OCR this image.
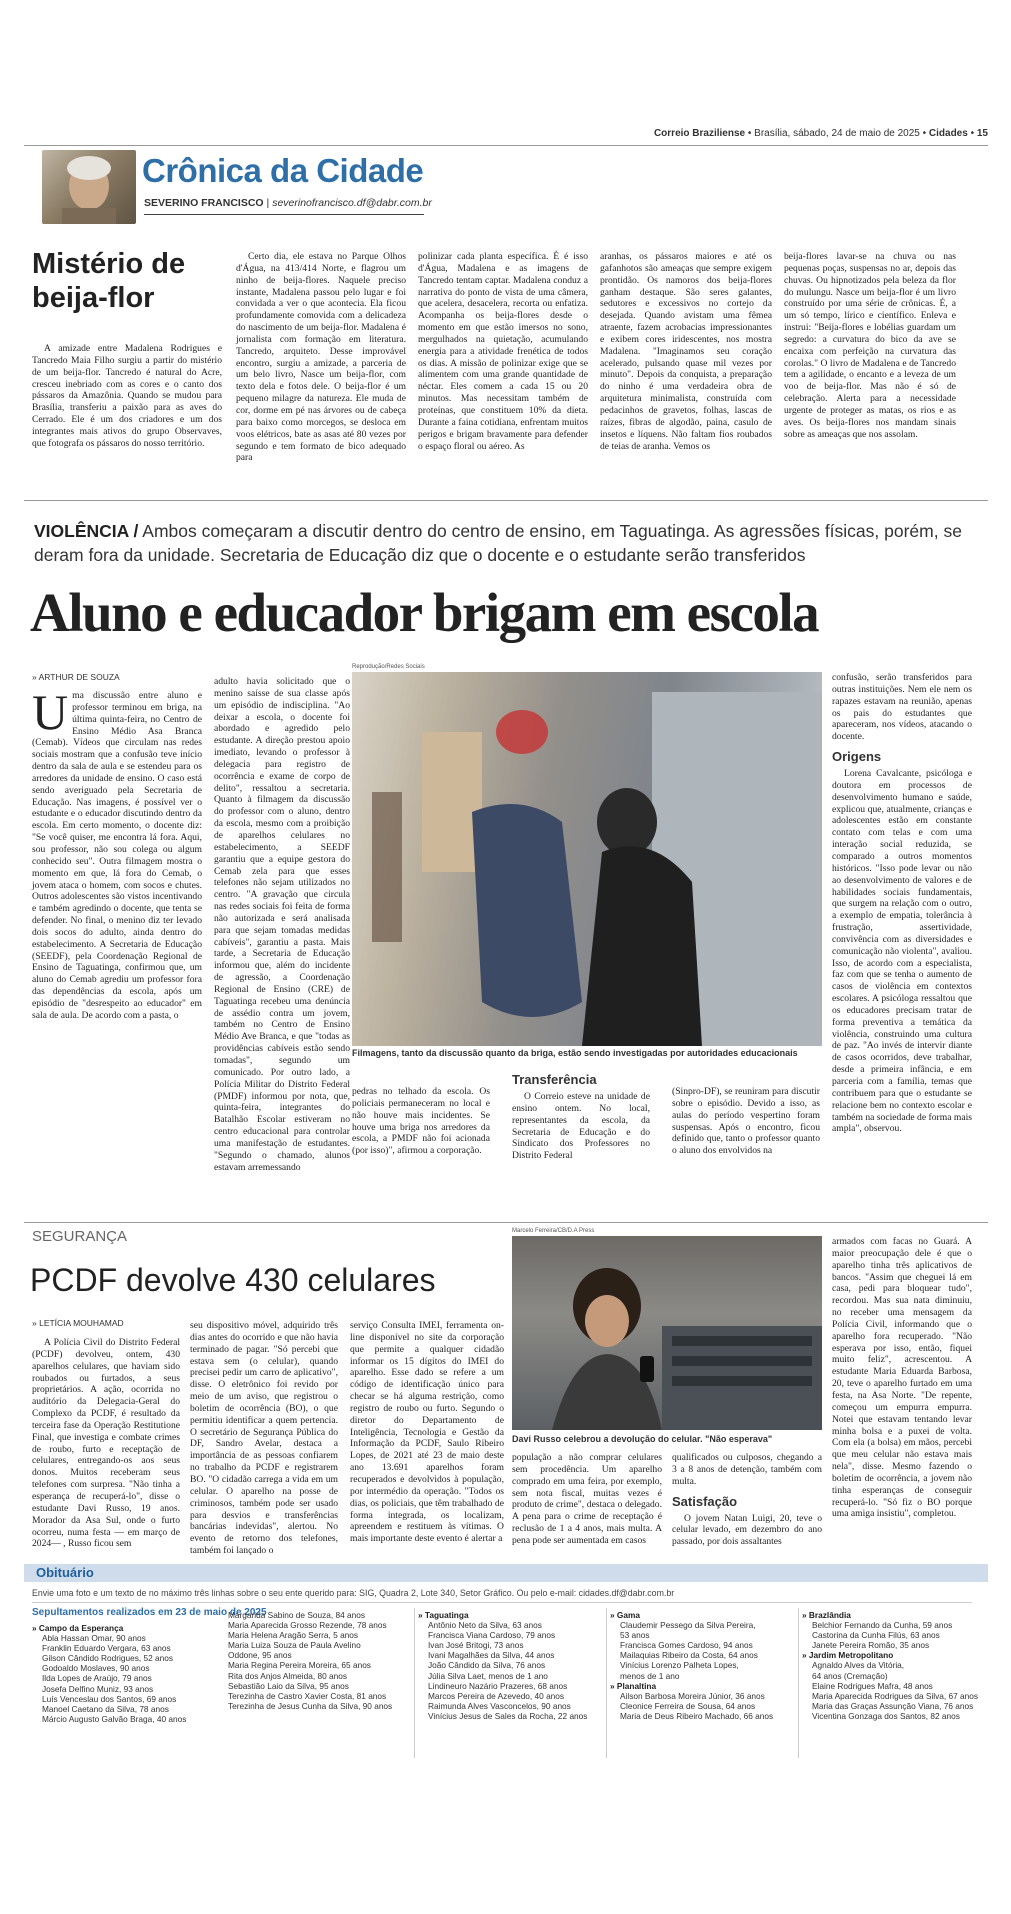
Correio Braziliense • Brasília, sábado, 24 de maio de 2025 • Cidades • 15
Crônica da Cidade
SEVERINO FRANCISCO | severinofrancisco.df@dabr.com.br
Mistério de beija-flor

A amizade entre Madalena Rodrigues e Tancredo Maia Filho surgiu a partir do mistério de um beija-flor. Tancredo é natural do Acre, cresceu inebriado com as cores e o canto dos pássaros da Amazônia. Quando se mudou para Brasília, transferiu a paixão para as aves do Cerrado. Ele é um dos criadores e um dos integrantes mais ativos do grupo Observaves, que fotografa os pássaros do nosso território.

Certo dia, ele estava no Parque Olhos d'Água, na 413/414 Norte, e flagrou um ninho de beija-flores. Naquele preciso instante, Madalena passou pelo lugar e foi convidada a ver o que acontecia. Ela ficou profundamente comovida com a delicadeza do nascimento de um beija-flor. Madalena é jornalista com formação em literatura. Tancredo, arquiteto. Desse improvável encontro, surgiu a amizade, a parceria de um belo livro, Nasce um beija-flor, com texto dela e fotos dele. O beija-flor é um pequeno milagre da natureza. Ele muda de cor, dorme em pé nas árvores ou de cabeça para baixo como morcegos, se desloca em voos elétricos, bate as asas até 80 vezes por segundo e tem formato de bico adequado para

polinizar cada planta específica. É é isso d'Água, Madalena e as imagens de Tancredo tentam captar. Madalena conduz a narrativa do ponto de vista de uma câmera, que acelera, desacelera, recorta ou enfatiza. Acompanha os beija-flores desde o momento em que estão imersos no sono, mergulhados na quietação, acumulando energia para a atividade frenética de todos os dias. A missão de polinizar exige que se alimentem com uma grande quantidade de néctar. Eles comem a cada 15 ou 20 minutos. Mas necessitam também de proteínas, que constituem 10% da dieta. Durante a faina cotidiana, enfrentam muitos perigos e brigam bravamente para defender o espaço floral ou aéreo. As

aranhas, os pássaros maiores e até os gafanhotos são ameaças que sempre exigem prontidão. Os namoros dos beija-flores ganham destaque. São seres galantes, sedutores e excessivos no cortejo da desejada. Quando avistam uma fêmea atraente, fazem acrobacias impressionantes e exibem cores iridescentes, nos mostra Madalena. "Imaginamos seu coração acelerado, pulsando quase mil vezes por minuto". Depois da conquista, a preparação do ninho é uma verdadeira obra de arquitetura minimalista, construída com pedacinhos de gravetos, folhas, lascas de raízes, fibras de algodão, paina, casulo de insetos e líquens. Não faltam fios roubados de teias de aranha. Vemos os

beija-flores lavar-se na chuva ou nas pequenas poças, suspensas no ar, depois das chuvas. Ou hipnotizados pela beleza da flor do mulungu. Nasce um beija-flor é um livro construído por uma série de crônicas. É, a um só tempo, lírico e científico. Enleva e instrui: "Beija-flores e lobélias guardam um segredo: a curvatura do bico da ave se encaixa com perfeição na curvatura das corolas." O livro de Madalena e de Tancredo tem a agilidade, o encanto e a leveza de um voo de beija-flor. Mas não é só de celebração. Alerta para a necessidade urgente de proteger as matas, os rios e as aves. Os beija-flores nos mandam sinais sobre as ameaças que nos assolam.

VIOLÊNCIA / Ambos começaram a discutir dentro do centro de ensino, em Taguatinga. As agressões físicas, porém, se deram fora da unidade. Secretaria de Educação diz que o docente e o estudante serão transferidos
Aluno e educador brigam em escola
» ARTHUR DE SOUZA
U ma discussão entre aluno e professor terminou em briga, na última quinta-feira, no Centro de Ensino Médio Asa Branca (Cemab). Vídeos que circulam nas redes sociais mostram que a confusão teve início dentro da sala de aula e se estendeu para os arredores da unidade de ensino. O caso está sendo averiguado pela Secretaria de Educação. Nas imagens, é possível ver o estudante e o educador discutindo dentro da escola. Em certo momento, o docente diz: "Se você quiser, me encontra lá fora. Aqui, sou professor, não sou colega ou algum conhecido seu". Outra filmagem mostra o momento em que, lá fora do Cemab, o jovem ataca o homem, com socos e chutes. Outros adolescentes são vistos incentivando e também agredindo o docente, que tenta se defender. No final, o menino diz ter levado dois socos do adulto, ainda dentro do estabelecimento. A Secretaria de Educação (SEEDF), pela Coordenação Regional de Ensino de Taguatinga, confirmou que, um aluno do Cemab agrediu um professor fora das dependências da escola, após um episódio de "desrespeito ao educador" em sala de aula. De acordo com a pasta, o

adulto havia solicitado que o menino saísse de sua classe após um episódio de indisciplina. "Ao deixar a escola, o docente foi abordado e agredido pelo estudante. A direção prestou apoio imediato, levando o professor à delegacia para registro de ocorrência e exame de corpo de delito", ressaltou a secretaria. Quanto à filmagem da discussão do professor com o aluno, dentro da escola, mesmo com a proibição de aparelhos celulares no estabelecimento, a SEEDF garantiu que a equipe gestora do Cemab zela para que esses telefones não sejam utilizados no centro. "A gravação que circula nas redes sociais foi feita de forma não autorizada e será analisada para que sejam tomadas medidas cabíveis", garantiu a pasta. Mais tarde, a Secretaria de Educação informou que, além do incidente de agressão, a Coordenação Regional de Ensino (CRE) de Taguatinga recebeu uma denúncia de assédio contra um jovem, também no Centro de Ensino Médio Ave Branca, e que "todas as providências cabíveis estão sendo tomadas", segundo um comunicado. Por outro lado, a Polícia Militar do Distrito Federal (PMDF) informou por nota, que, quinta-feira, integrantes do Batalhão Escolar estiveram no centro educacional para controlar uma manifestação de estudantes. "Segundo o chamado, alunos estavam arremessando

Reprodução/Redes Sociais
Filmagens, tanto da discussão quanto da briga, estão sendo investigadas por autoridades educacionais

pedras no telhado da escola. Os policiais permaneceram no local e não houve mais incidentes. Se houve uma briga nos arredores da escola, a PMDF não foi acionada (por isso)", afirmou a corporação.

Transferência

O Correio esteve na unidade de ensino ontem. No local, representantes da escola, da Secretaria de Educação e do Sindicato dos Professores no Distrito Federal

(Sinpro-DF), se reuniram para discutir sobre o episódio. Devido a isso, as aulas do período vespertino foram suspensas. Após o encontro, ficou definido que, tanto o professor quanto o aluno dos envolvidos na

confusão, serão transferidos para outras instituições. Nem ele nem os rapazes estavam na reunião, apenas os pais do estudantes que apareceram, nos vídeos, atacando o docente.

Origens

Lorena Cavalcante, psicóloga e doutora em processos de desenvolvimento humano e saúde, explicou que, atualmente, crianças e adolescentes estão em constante contato com telas e com uma interação social reduzida, se comparado a outros momentos históricos. "Isso pode levar ou não ao desenvolvimento de valores e de habilidades sociais fundamentais, que surgem na relação com o outro, a exemplo de empatia, tolerância à frustração, assertividade, convivência com as diversidades e comunicação não violenta", avaliou. Isso, de acordo com a especialista, faz com que se tenha o aumento de casos de violência em contextos escolares. A psicóloga ressaltou que os educadores precisam tratar de forma preventiva a temática da violência, construindo uma cultura de paz. "Ao invés de intervir diante de casos ocorridos, deve trabalhar, desde a primeira infância, e em parceria com a família, temas que contribuem para que o estudante se relacione bem no contexto escolar e também na sociedade de forma mais ampla", observou.

SEGURANÇA
PCDF devolve 430 celulares
» LETÍCIA MOUHAMAD

A Polícia Civil do Distrito Federal (PCDF) devolveu, ontem, 430 aparelhos celulares, que haviam sido roubados ou furtados, a seus proprietários. A ação, ocorrida no auditório da Delegacia-Geral do Complexo da PCDF, é resultado da terceira fase da Operação Restitutione Final, que investiga e combate crimes de roubo, furto e receptação de celulares, entregando-os aos seus donos. Muitos receberam seus telefones com surpresa. "Não tinha a esperança de recuperá-lo", disse o estudante Davi Russo, 19 anos. Morador da Asa Sul, onde o furto ocorreu, numa festa — em março de 2024— , Russo ficou sem

seu dispositivo móvel, adquirido três dias antes do ocorrido e que não havia terminado de pagar. "Só percebi que estava sem (o celular), quando precisei pedir um carro de aplicativo", disse. O eletrônico foi revido por meio de um aviso, que registrou o boletim de ocorrência (BO), o que permitiu identificar a quem pertencia. O secretário de Segurança Pública do DF, Sandro Avelar, destaca a importância de as pessoas confiarem no trabalho da PCDF e registrarem BO. "O cidadão carrega a vida em um celular. O aparelho na posse de criminosos, também pode ser usado para desvios e transferências bancárias indevidas", alertou. No evento de retorno dos telefones, também foi lançado o

serviço Consulta IMEI, ferramenta on-line disponível no site da corporação que permite a qualquer cidadão informar os 15 dígitos do IMEI do aparelho. Esse dado se refere a um código de identificação único para checar se há alguma restrição, como registro de roubo ou furto. Segundo o diretor do Departamento de Inteligência, Tecnologia e Gestão da Informação da PCDF, Saulo Ribeiro Lopes, de 2021 até 23 de maio deste ano 13.691 aparelhos foram recuperados e devolvidos à população, por intermédio da operação. "Todos os dias, os policiais, que têm trabalhado de forma integrada, os localizam, apreendem e restituem às vítimas. O mais importante deste evento é alertar a

Marcelo Ferreira/CB/D.A Press
Davi Russo celebrou a devolução do celular. "Não esperava"

população a não comprar celulares sem procedência. Um aparelho comprado em uma feira, por exemplo, sem nota fiscal, muitas vezes é produto de crime", destaca o delegado. A pena para o crime de receptação é reclusão de 1 a 4 anos, mais multa. A pena pode ser aumentada em casos

qualificados ou culposos, chegando a 3 a 8 anos de detenção, também com multa.

Satisfação

O jovem Natan Luigi, 20, teve o celular levado, em dezembro do ano passado, por dois assaltantes

armados com facas no Guará. A maior preocupação dele é que o aparelho tinha três aplicativos de bancos. "Assim que cheguei lá em casa, pedi para bloquear tudo", recordou. Mas sua nata diminuiu, no receber uma mensagem da Polícia Civil, informando que o aparelho fora recuperado. "Não esperava por isso, então, fiquei muito feliz", acrescentou. A estudante Maria Eduarda Barbosa, 20, teve o aparelho furtado em uma festa, na Asa Norte. "De repente, começou um empurra empurra. Notei que estavam tentando levar minha bolsa e a puxei de volta. Com ela (a bolsa) em mãos, percebi que meu celular não estava mais nela", disse. Mesmo fazendo o boletim de ocorrência, a jovem não tinha esperanças de conseguir recuperá-lo. "Só fiz o BO porque uma amiga insistiu", completou.

Obituário
Envie uma foto e um texto de no máximo três linhas sobre o seu ente querido para: SIG, Quadra 2, Lote 340, Setor Gráfico. Ou pelo e-mail: cidades.df@dabr.com.br
Sepultamentos realizados em 23 de maio de 2025
» Campo da Esperança
Abla Hassan Omar, 90 anos
Franklin Eduardo Vergara, 63 anos
Gilson Cândido Rodrigues, 52 anos
Godoaldo Moslaves, 90 anos
Ilda Lopes de Araújo, 79 anos
Josefa Delfino Muniz, 93 anos
Luís Venceslau dos Santos, 69 anos
Manoel Caetano da Silva, 78 anos
Márcio Augusto Galvão Braga, 40 anos
Margarida Sabino de Souza, 84 anos
Maria Aparecida Grosso Rezende, 78 anos
Maria Helena Aragão Serra, 5 anos
Maria Luiza Souza de Paula Avelino
Oddone, 95 anos
Maria Regina Pereira Moreira, 65 anos
Rita dos Anjos Almeida, 80 anos
Sebastião Laio da Silva, 95 anos
Terezinha de Castro Xavier Costa, 81 anos
Terezinha de Jesus Cunha da Silva, 90 anos
» Taguatinga
Antônio Neto da Silva, 63 anos
Francisca Viana Cardoso, 79 anos
Ivan José Britogi, 73 anos
Ivani Magalhães da Silva, 44 anos
João Cândido da Silva, 76 anos
Júlia Silva Laet, menos de 1 ano
Lindineuro Nazário Prazeres, 68 anos
Marcos Pereira de Azevedo, 40 anos
Raimunda Alves Vasconcelos, 90 anos
Vinícius Jesus de Sales da Rocha, 22 anos
» Gama
Claudemir Pessego da Silva Pereira,
53 anos
Francisca Gomes Cardoso, 94 anos
Mailaquias Ribeiro da Costa, 64 anos
Vinícius Lorenzo Palheta Lopes,
menos de 1 ano
» Planaltina
Ailson Barbosa Moreira Júnior, 36 anos
Cleonice Ferreira de Sousa, 64 anos
Maria de Deus Ribeiro Machado, 66 anos
» Brazlândia
Belchior Fernando da Cunha, 59 anos
Castorina da Cunha Filús, 63 anos
Janete Pereira Romão, 35 anos
» Jardim Metropolitano
Agnaldo Alves da Vitória,
64 anos (Cremação)
Elaine Rodrigues Mafra, 48 anos
Maria Aparecida Rodrigues da Silva, 67 anos
Maria das Graças Assunção Viana, 76 anos
Vicentina Gonzaga dos Santos, 82 anos
